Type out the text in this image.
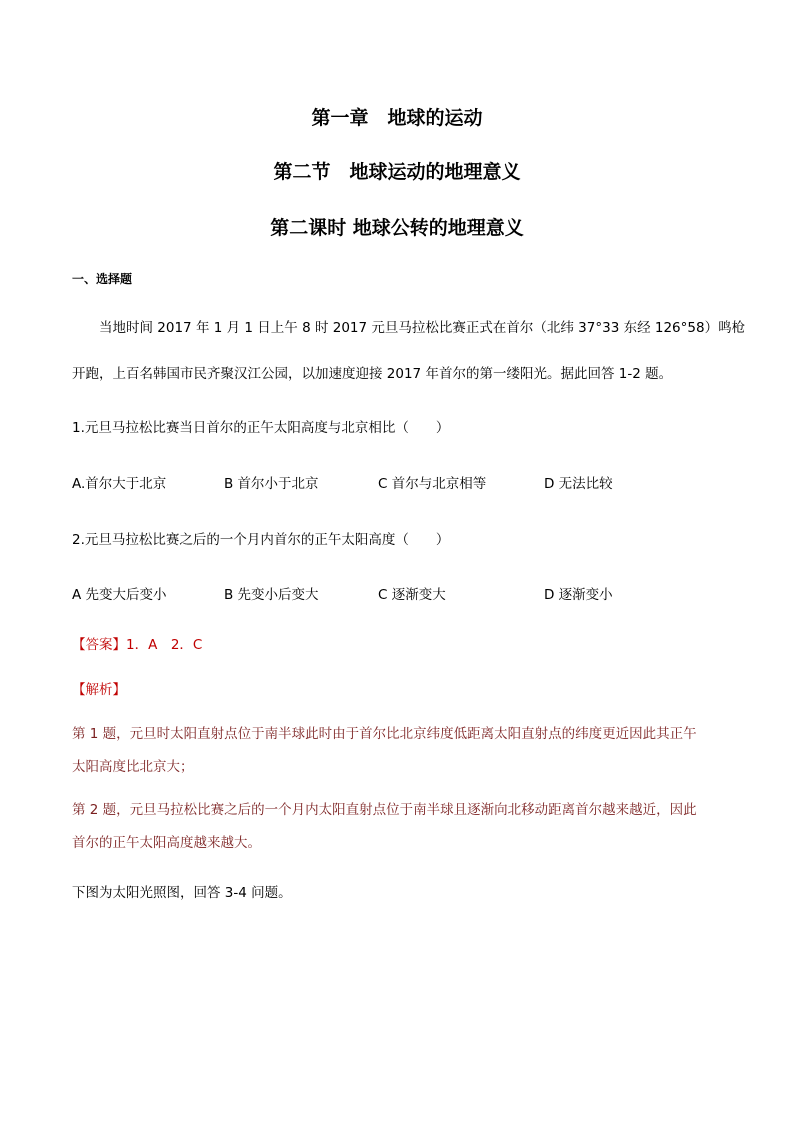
第一章　地球的运动
第二节　地球运动的地理意义
第二课时 地球公转的地理意义
一、选择题
当地时间 2017 年 1 月 1 日上午 8 时 2017 元旦马拉松比赛正式在首尔（北纬 37°33 东经 126°58）鸣枪
开跑，上百名韩国市民齐聚汉江公园，以加速度迎接 2017 年首尔的第一缕阳光。据此回答 1-2 题。
1.元旦马拉松比赛当日首尔的正午太阳高度与北京相比（　　）
A.首尔大于北京	B 首尔小于北京	C 首尔与北京相等	D 无法比较
2.元旦马拉松比赛之后的一个月内首尔的正午太阳高度（　　）
A 先变大后变小	B 先变小后变大	C 逐渐变大	D 逐渐变小
【答案】1．A　2．C
【解析】
第 1 题，元旦时太阳直射点位于南半球此时由于首尔比北京纬度低距离太阳直射点的纬度更近因此其正午
太阳高度比北京大；
第 2 题，元旦马拉松比赛之后的一个月内太阳直射点位于南半球且逐渐向北移动距离首尔越来越近，因此
首尔的正午太阳高度越来越大。
下图为太阳光照图，回答 3-4 问题。
